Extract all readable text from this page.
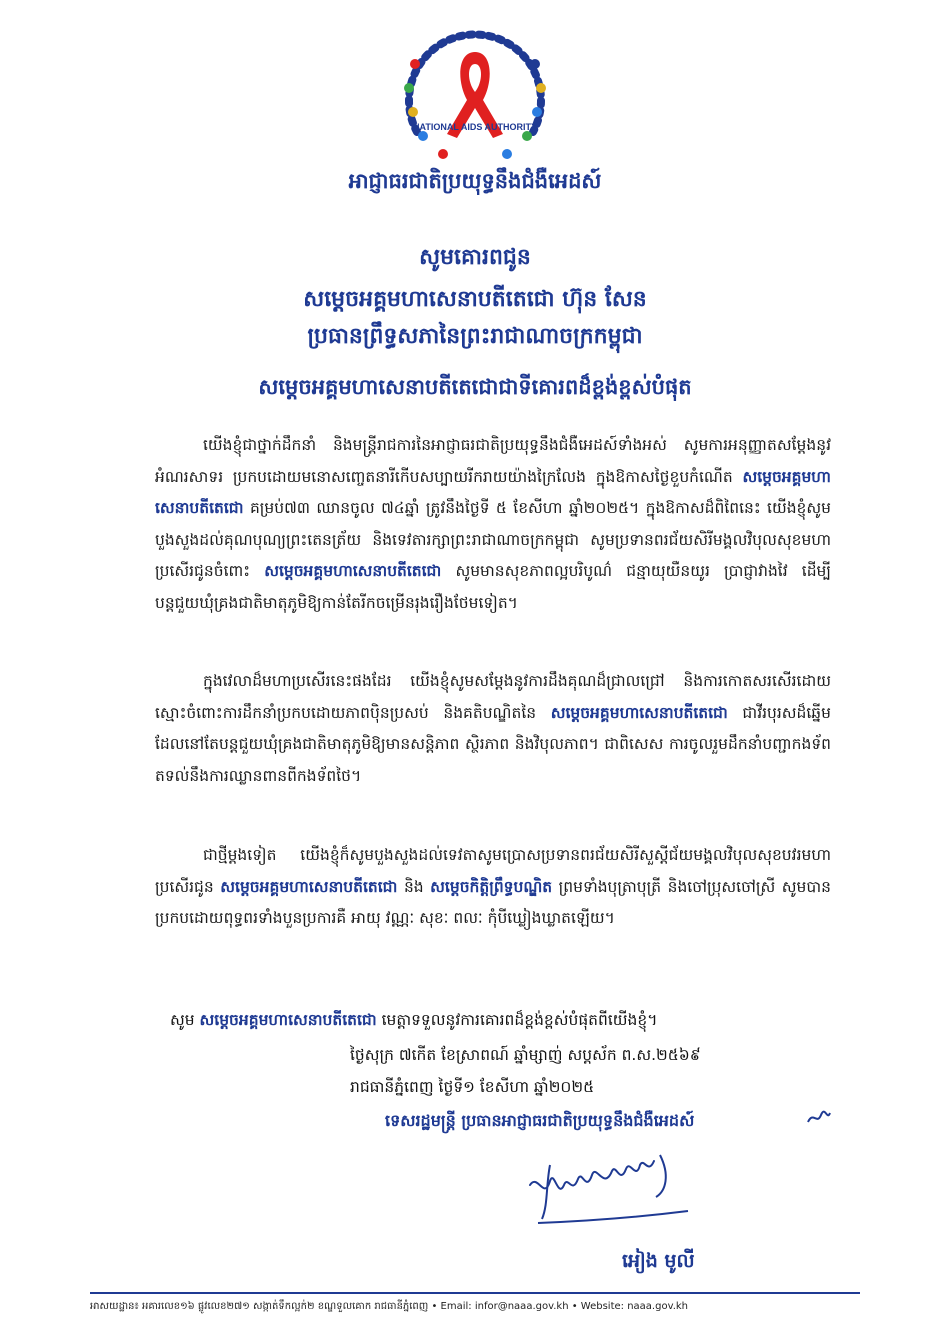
NATIONAL AIDS AUTHORITY
អាជ្ញាធរជាតិប្រយុទ្ធនឹងជំងឺអេដស៍
សូមគោរពជូន
សម្តេចអគ្គមហាសេនាបតីតេជោ ហ៊ុន សែន
ប្រធានព្រឹទ្ធសភានៃព្រះរាជាណាចក្រកម្ពុជា
សម្តេចអគ្គមហាសេនាបតីតេជោជាទីគោរពដ៏ខ្ពង់ខ្ពស់បំផុត
យើងខ្ញុំជាថ្នាក់ដឹកនាំ និងមន្ត្រីរាជការនៃអាជ្ញាធរជាតិប្រយុទ្ធនឹងជំងឺអេដស៍ទាំងអស់ សូមការអនុញ្ញាតសម្តែងនូវអំណរសាទរ ប្រកបដោយមនោសញ្ចេតនារីកើបសប្បាយរីករាយយ៉ាងក្រៃលែង ក្នុងឱកាសថ្ងៃខួបកំណើត សម្តេចអគ្គមហាសេនាបតីតេជោ គម្រប់៧៣ ឈានចូល ៧៤ឆ្នាំ ត្រូវនឹងថ្ងៃទី ៥ ខែសីហា ឆ្នាំ២០២៥។ ក្នុងឱកាសដ៏ពិពៃនេះ យើងខ្ញុំសូមបួងសួងដល់គុណបុណ្យព្រះតេនត្រ័យ និងទេវតារក្សាព្រះរាជាណាចក្រកម្ពុជា សូមប្រទានពរជ័យសិរីមង្គលវិបុលសុខមហាប្រសើរជូនចំពោះ សម្តេចអគ្គមហាសេនាបតីតេជោ សូមមានសុខភាពល្អបរិបូណ៌ ជន្មាយុយឺនយូរ ប្រាជ្ញាវាងវៃ ដើម្បីបន្តជួយឃុំគ្រងជាតិមាតុភូមិឱ្យកាន់តែរីកចម្រើនរុងរឿងថែមទៀត។
ក្នុងវេលាដ៏មហាប្រសើរនេះផងដែរ យើងខ្ញុំសូមសម្តែងនូវការដឹងគុណដ៏ជ្រាលជ្រៅ និងការកោតសរសើរដោយស្មោះចំពោះការដឹកនាំប្រកបដោយភាពប៉ិនប្រសប់ និងគតិបណ្ឌិតនៃ សម្តេចអគ្គមហាសេនាបតីតេជោ ជាវីរបុរសដ៏ឆ្នើមដែលនៅតែបន្តជួយឃុំគ្រងជាតិមាតុភូមិឱ្យមានសន្តិភាព ស្ថិរភាព និងវិបុលភាព។ ជាពិសេស ការចូលរួមដឹកនាំបញ្ជាកងទ័ពតទល់នឹងការឈ្លានពានពីកងទ័ពថៃ។
ជាថ្មីម្តងទៀត យើងខ្ញុំក៏សូមបួងសួងដល់ទេវតាសូមប្រោសប្រទានពរជ័យសិរីសួស្តីជ័យមង្គលវិបុលសុខបវរមហាប្រសើរជូន សម្តេចអគ្គមហាសេនាបតីតេជោ និង សម្តេចកិត្តិព្រឹទ្ធបណ្ឌិត ព្រមទាំងបុត្រាបុត្រី និងចៅប្រុសចៅស្រី សូមបានប្រកបដោយពុទ្ធពរទាំងបួនប្រការគឺ អាយុ វណ្ណៈ សុខៈ ពលៈ កុំបីឃ្លៀងឃ្លាតឡើយ។
សូម សម្តេចអគ្គមហាសេនាបតីតេជោ មេត្តាទទួលនូវការគោរពដ៏ខ្ពង់ខ្ពស់បំផុតពីយើងខ្ញុំ។
ថ្ងៃសុក្រ ៧កើត ខែស្រាពណ៍ ឆ្នាំម្សាញ់ សប្តស័ក ព.ស.២៥៦៩
រាជធានីភ្នំពេញ ថ្ងៃទី១ ខែសីហា ឆ្នាំ២០២៥
ទេសរដ្ឋមន្ត្រី ប្រធានអាជ្ញាធរជាតិប្រយុទ្ធនឹងជំងឺអេដស៍
អៀង មូលី
អាសយដ្ឋាន៖ អគារលេខ១៦ ផ្លូវលេខ២៧១ សង្កាត់ទឹកល្អក់២ ខណ្ឌទួលគោក រាជធានីភ្នំពេញ • Email: infor@naaa.gov.kh • Website: naaa.gov.kh
